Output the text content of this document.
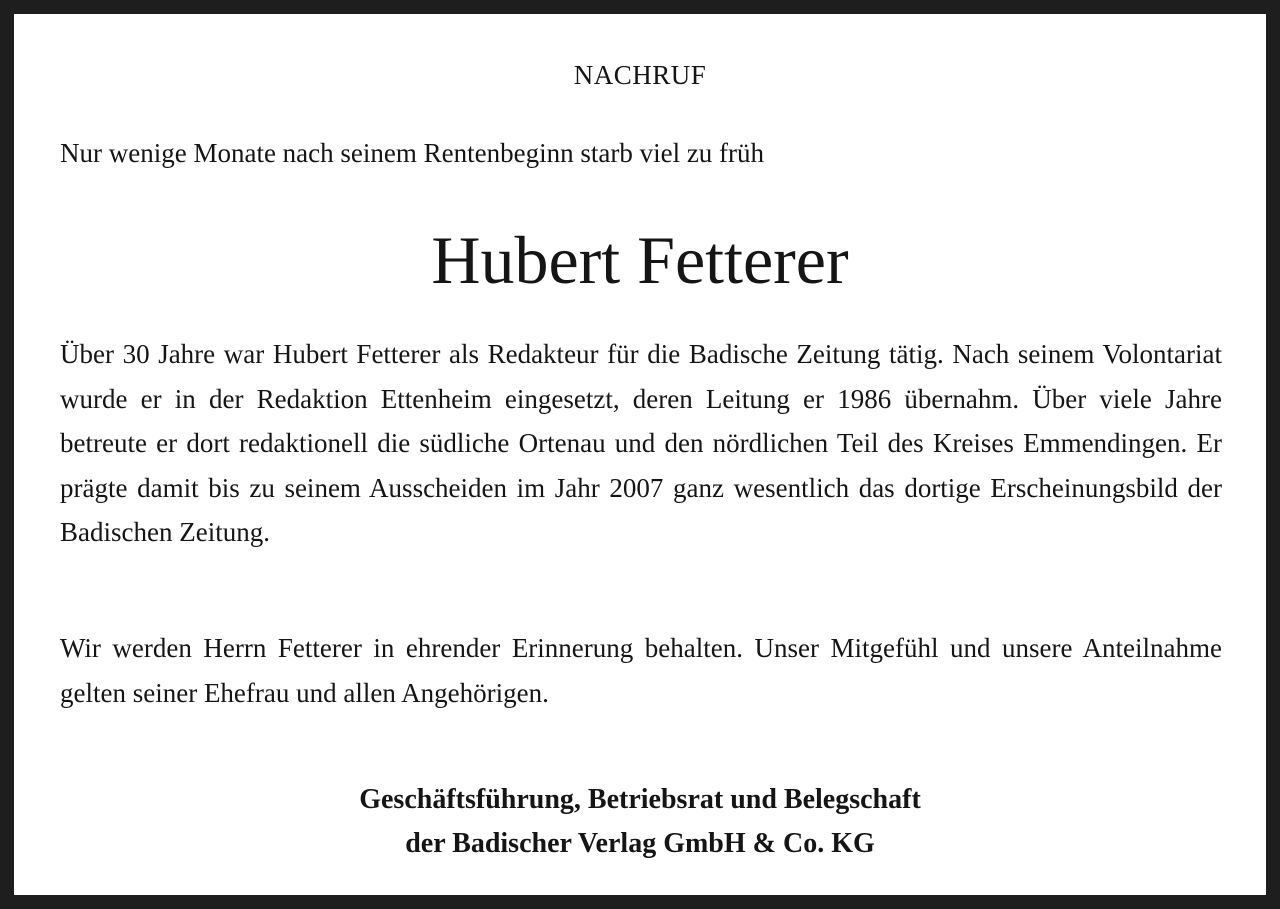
NACHRUF
Nur wenige Monate nach seinem Rentenbeginn starb viel zu früh
Hubert Fetterer

Über 30 Jahre war Hubert Fetterer als Redakteur für die Badische Zeitung tätig. Nach seinem Volontariat wurde er in der Redaktion Ettenheim eingesetzt, deren Leitung er 1986 übernahm. Über viele Jahre betreute er dort redaktionell die südliche Ortenau und den nördlichen Teil des Kreises Emmendingen. Er prägte damit bis zu seinem Ausscheiden im Jahr 2007 ganz wesentlich das dortige Erscheinungsbild der Badischen Zeitung.

Wir werden Herrn Fetterer in ehrender Erinnerung behalten. Unser Mitgefühl und unsere Anteilnahme gelten seiner Ehefrau und allen Angehörigen.

Geschäftsführung, Betriebsrat und Belegschaft
der Badischer Verlag GmbH & Co. KG
